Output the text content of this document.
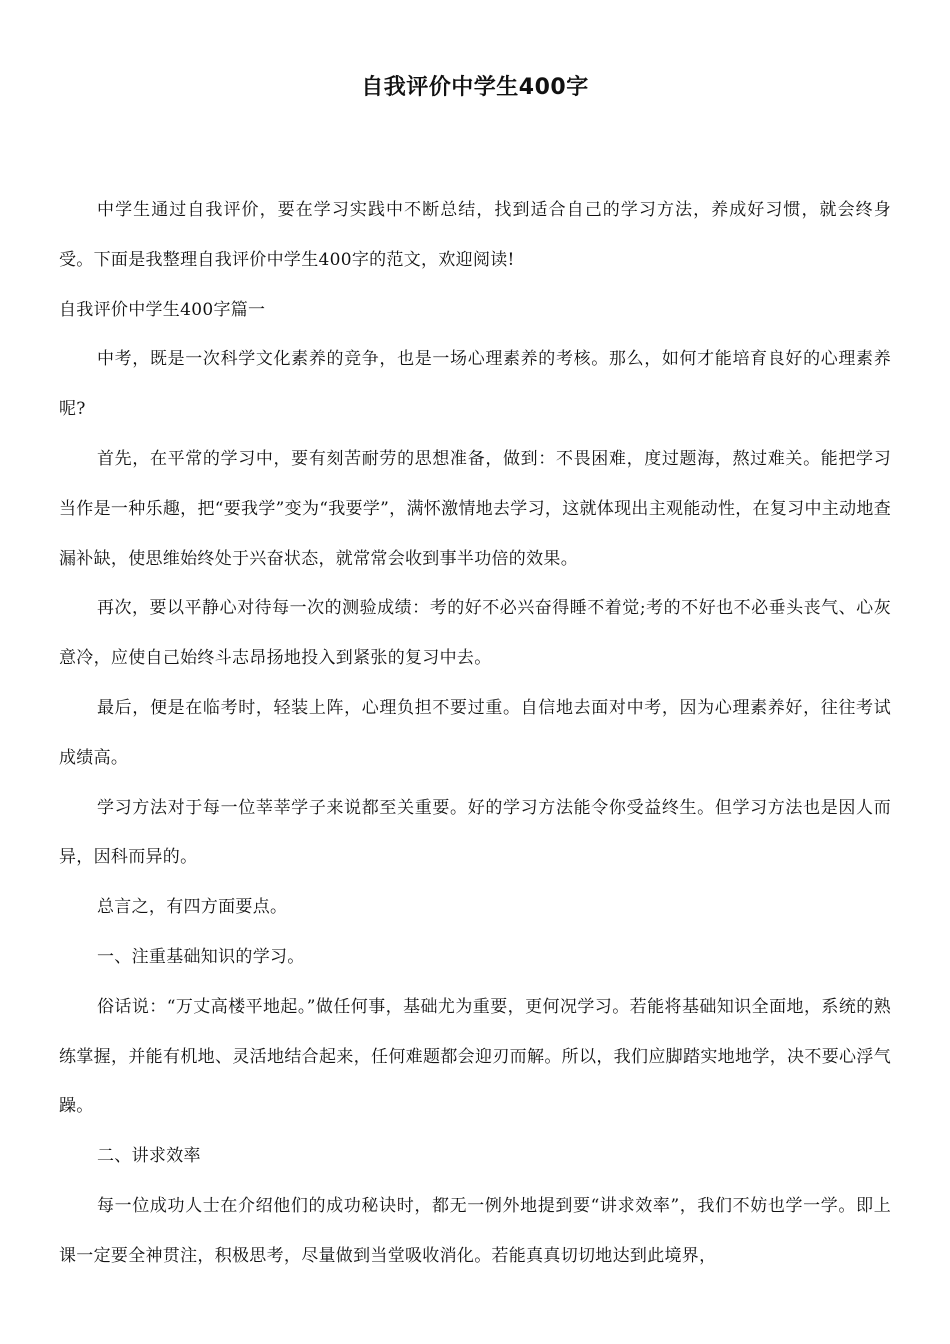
自我评价中学生400字

中学生通过自我评价，要在学习实践中不断总结，找到适合自己的学习方法，养成好习惯，就会终身受。下面是我整理自我评价中学生400字的范文，欢迎阅读!

自我评价中学生400字篇一

中考，既是一次科学文化素养的竞争，也是一场心理素养的考核。那么，如何才能培育良好的心理素养呢?

首先，在平常的学习中，要有刻苦耐劳的思想准备，做到：不畏困难，度过题海，熬过难关。能把学习当作是一种乐趣，把“要我学”变为“我要学”，满怀激情地去学习，这就体现出主观能动性，在复习中主动地查漏补缺，使思维始终处于兴奋状态，就常常会收到事半功倍的效果。

再次，要以平静心对待每一次的测验成绩：考的好不必兴奋得睡不着觉;考的不好也不必垂头丧气、心灰意冷，应使自己始终斗志昂扬地投入到紧张的复习中去。

最后，便是在临考时，轻装上阵，心理负担不要过重。自信地去面对中考，因为心理素养好，往往考试成绩高。

学习方法对于每一位莘莘学子来说都至关重要。好的学习方法能令你受益终生。但学习方法也是因人而异，因科而异的。

总言之，有四方面要点。

一、注重基础知识的学习。

俗话说：“万丈高楼平地起。”做任何事，基础尤为重要，更何况学习。若能将基础知识全面地，系统的熟练掌握，并能有机地、灵活地结合起来，任何难题都会迎刃而解。所以，我们应脚踏实地地学，决不要心浮气躁。

二、讲求效率

每一位成功人士在介绍他们的成功秘诀时，都无一例外地提到要“讲求效率”，我们不妨也学一学。即上课一定要全神贯注，积极思考，尽量做到当堂吸收消化。若能真真切切地达到此境界，
